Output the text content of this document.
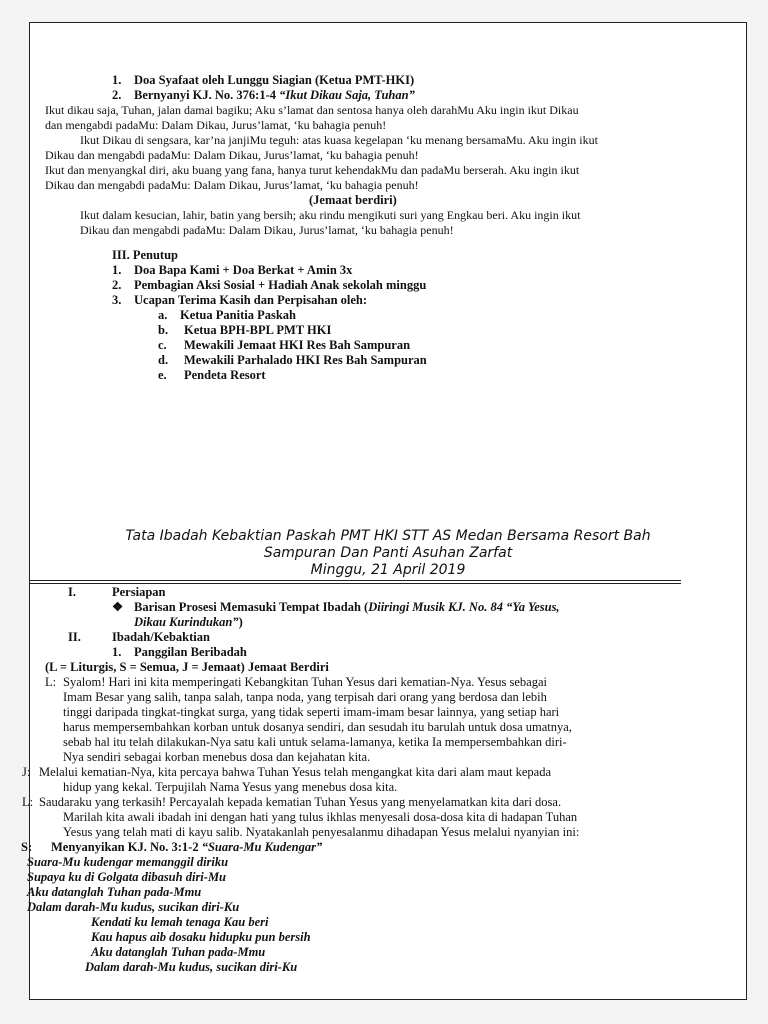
1. Doa Syafaat oleh Lunggu Siagian (Ketua PMT-HKI)
2. Bernyanyi KJ. No. 376:1-4 “Ikut Dikau Saja, Tuhan”
Ikut dikau saja, Tuhan, jalan damai bagiku; Aku s’lamat dan sentosa hanya oleh darahMu Aku ingin ikut Dikau
dan mengabdi padaMu: Dalam Dikau, Jurus’lamat, ‘ku bahagia penuh!
Ikut Dikau di sengsara, kar’na janjiMu teguh: atas kuasa kegelapan ‘ku menang bersamaMu. Aku ingin ikut
Dikau dan mengabdi padaMu: Dalam Dikau, Jurus’lamat, ‘ku bahagia penuh!
Ikut dan menyangkal diri, aku buang yang fana, hanya turut kehendakMu dan padaMu berserah. Aku ingin ikut
Dikau dan mengabdi padaMu: Dalam Dikau, Jurus’lamat, ‘ku bahagia penuh!
(Jemaat berdiri)
Ikut dalam kesucian, lahir, batin yang bersih; aku rindu mengikuti suri yang Engkau beri. Aku ingin ikut
Dikau dan mengabdi padaMu: Dalam Dikau, Jurus’lamat, ‘ku bahagia penuh!
III. Penutup
1. Doa Bapa Kami + Doa Berkat + Amin 3x
2. Pembagian Aksi Sosial + Hadiah Anak sekolah minggu
3. Ucapan Terima Kasih dan Perpisahan oleh:
a. Ketua Panitia Paskah
b. Ketua BPH-BPL PMT HKI
c. Mewakili Jemaat HKI Res Bah Sampuran
d. Mewakili Parhalado HKI Res Bah Sampuran
e. Pendeta Resort
Tata Ibadah Kebaktian Paskah PMT HKI STT AS Medan Bersama Resort Bah
Sampuran Dan Panti Asuhan Zarfat
Minggu, 21 April 2019
I.	Persiapan
❖ Barisan Prosesi Memasuki Tempat Ibadah (Diiringi Musik KJ. No. 84 “Ya Yesus,
Dikau Kurindukan”)
II. Ibadah/Kebaktian
1. Panggilan Beribadah
(L = Liturgis, S = Semua, J = Jemaat) Jemaat Berdiri
L: Syalom! Hari ini kita memperingati Kebangkitan Tuhan Yesus dari kematian-Nya. Yesus sebagai
Imam Besar yang salih, tanpa salah, tanpa noda, yang terpisah dari orang yang berdosa dan lebih
tinggi daripada tingkat-tingkat surga, yang tidak seperti imam-imam besar lainnya, yang setiap hari
harus mempersembahkan korban untuk dosanya sendiri, dan sesudah itu barulah untuk dosa umatnya,
sebab hal itu telah dilakukan-Nya satu kali untuk selama-lamanya, ketika Ia mempersembahkan diri-
Nya sendiri sebagai korban menebus dosa dan kejahatan kita.
J: Melalui kematian-Nya, kita percaya bahwa Tuhan Yesus telah mengangkat kita dari alam maut kepada
hidup yang kekal. Terpujilah Nama Yesus yang menebus dosa kita.
L: Saudaraku yang terkasih! Percayalah kepada kematian Tuhan Yesus yang menyelamatkan kita dari dosa.
Marilah kita awali ibadah ini dengan hati yang tulus ikhlas menyesali dosa-dosa kita di hadapan Tuhan
Yesus yang telah mati di kayu salib. Nyatakanlah penyesalanmu dihadapan Yesus melalui nyanyian ini:
S: Menyanyikan KJ. No. 3:1-2 “Suara-Mu Kudengar”
Suara-Mu kudengar memanggil diriku
Supaya ku di Golgata dibasuh diri-Mu
Aku datanglah Tuhan pada-Mmu
Dalam darah-Mu kudus, sucikan diri-Ku
Kendati ku lemah tenaga Kau beri
Kau hapus aib dosaku hidupku pun bersih
Aku datanglah Tuhan pada-Mmu
Dalam darah-Mu kudus, sucikan diri-Ku
